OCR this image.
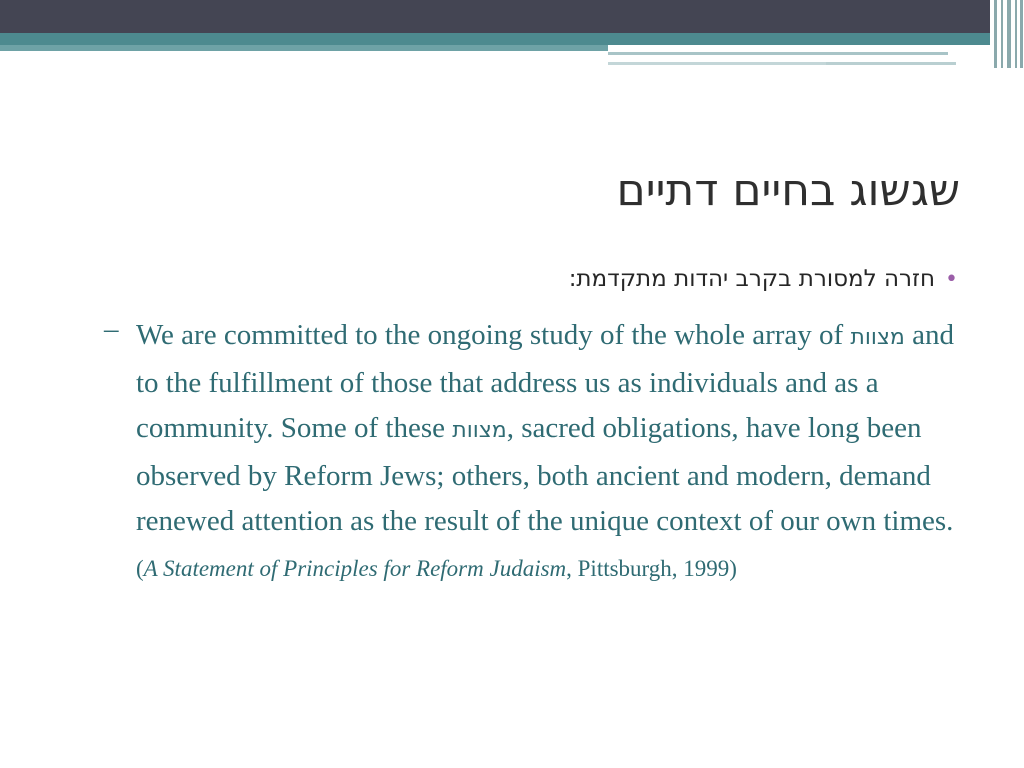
שגשוג בחיים דתיים
•חזרה למסורת בקרב יהדות מתקדמת:
– We are committed to the ongoing study of the whole array of מצוות and to the fulfillment of those that address us as individuals and as a community. Some of these מצוות, sacred obligations, have long been observed by Reform Jews; others, both ancient and modern, demand renewed attention as the result of the unique context of our own times. (A Statement of Principles for Reform Judaism, Pittsburgh, 1999)
